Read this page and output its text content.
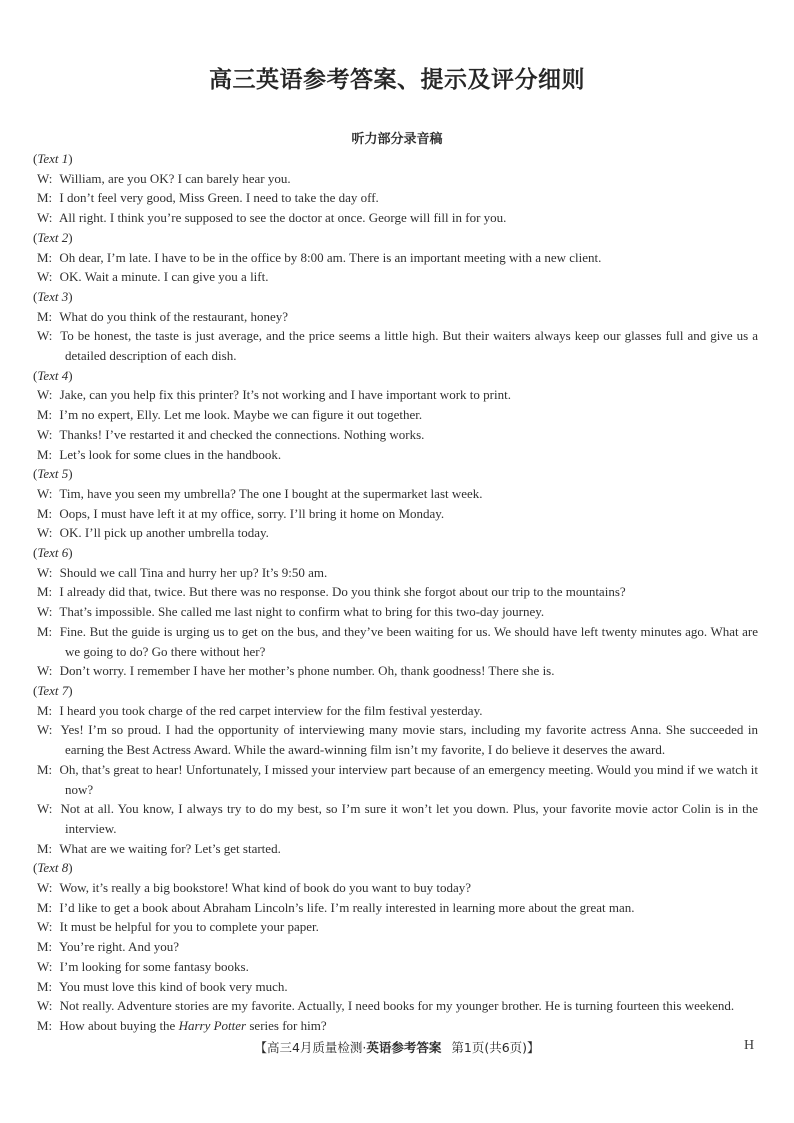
高三英语参考答案、提示及评分细则
听力部分录音稿

(Text 1)

W: William, are you OK? I can barely hear you.

M: I don’t feel very good, Miss Green. I need to take the day off.

W: All right. I think you’re supposed to see the doctor at once. George will fill in for you.

(Text 2)

M: Oh dear, I’m late. I have to be in the office by 8:00 am. There is an important meeting with a new client.

W: OK. Wait a minute. I can give you a lift.

(Text 3)

M: What do you think of the restaurant, honey?

W: To be honest, the taste is just average, and the price seems a little high. But their waiters always keep our glasses full and give us a detailed description of each dish.

(Text 4)

W: Jake, can you help fix this printer? It’s not working and I have important work to print.

M: I’m no expert, Elly. Let me look. Maybe we can figure it out together.

W: Thanks! I’ve restarted it and checked the connections. Nothing works.

M: Let’s look for some clues in the handbook.

(Text 5)

W: Tim, have you seen my umbrella? The one I bought at the supermarket last week.

M: Oops, I must have left it at my office, sorry. I’ll bring it home on Monday.

W: OK. I’ll pick up another umbrella today.

(Text 6)

W: Should we call Tina and hurry her up? It’s 9:50 am.

M: I already did that, twice. But there was no response. Do you think she forgot about our trip to the mountains?

W: That’s impossible. She called me last night to confirm what to bring for this two-day journey.

M: Fine. But the guide is urging us to get on the bus, and they’ve been waiting for us. We should have left twenty minutes ago. What are we going to do? Go there without her?

W: Don’t worry. I remember I have her mother’s phone number. Oh, thank goodness! There she is.

(Text 7)

M: I heard you took charge of the red carpet interview for the film festival yesterday.

W: Yes! I’m so proud. I had the opportunity of interviewing many movie stars, including my favorite actress Anna. She succeeded in earning the Best Actress Award. While the award-winning film isn’t my favorite, I do believe it deserves the award.

M: Oh, that’s great to hear! Unfortunately, I missed your interview part because of an emergency meeting. Would you mind if we watch it now?

W: Not at all. You know, I always try to do my best, so I’m sure it won’t let you down. Plus, your favorite movie actor Colin is in the interview.

M: What are we waiting for? Let’s get started.

(Text 8)

W: Wow, it’s really a big bookstore! What kind of book do you want to buy today?

M: I’d like to get a book about Abraham Lincoln’s life. I’m really interested in learning more about the great man.

W: It must be helpful for you to complete your paper.

M: You’re right. And you?

W: I’m looking for some fantasy books.

M: You must love this kind of book very much.

W: Not really. Adventure stories are my favorite. Actually, I need books for my younger brother. He is turning fourteen this weekend.

M: How about buying the Harry Potter series for him?

【高三4月质量检测·英语参考答案 第1页(共6页)】	H
